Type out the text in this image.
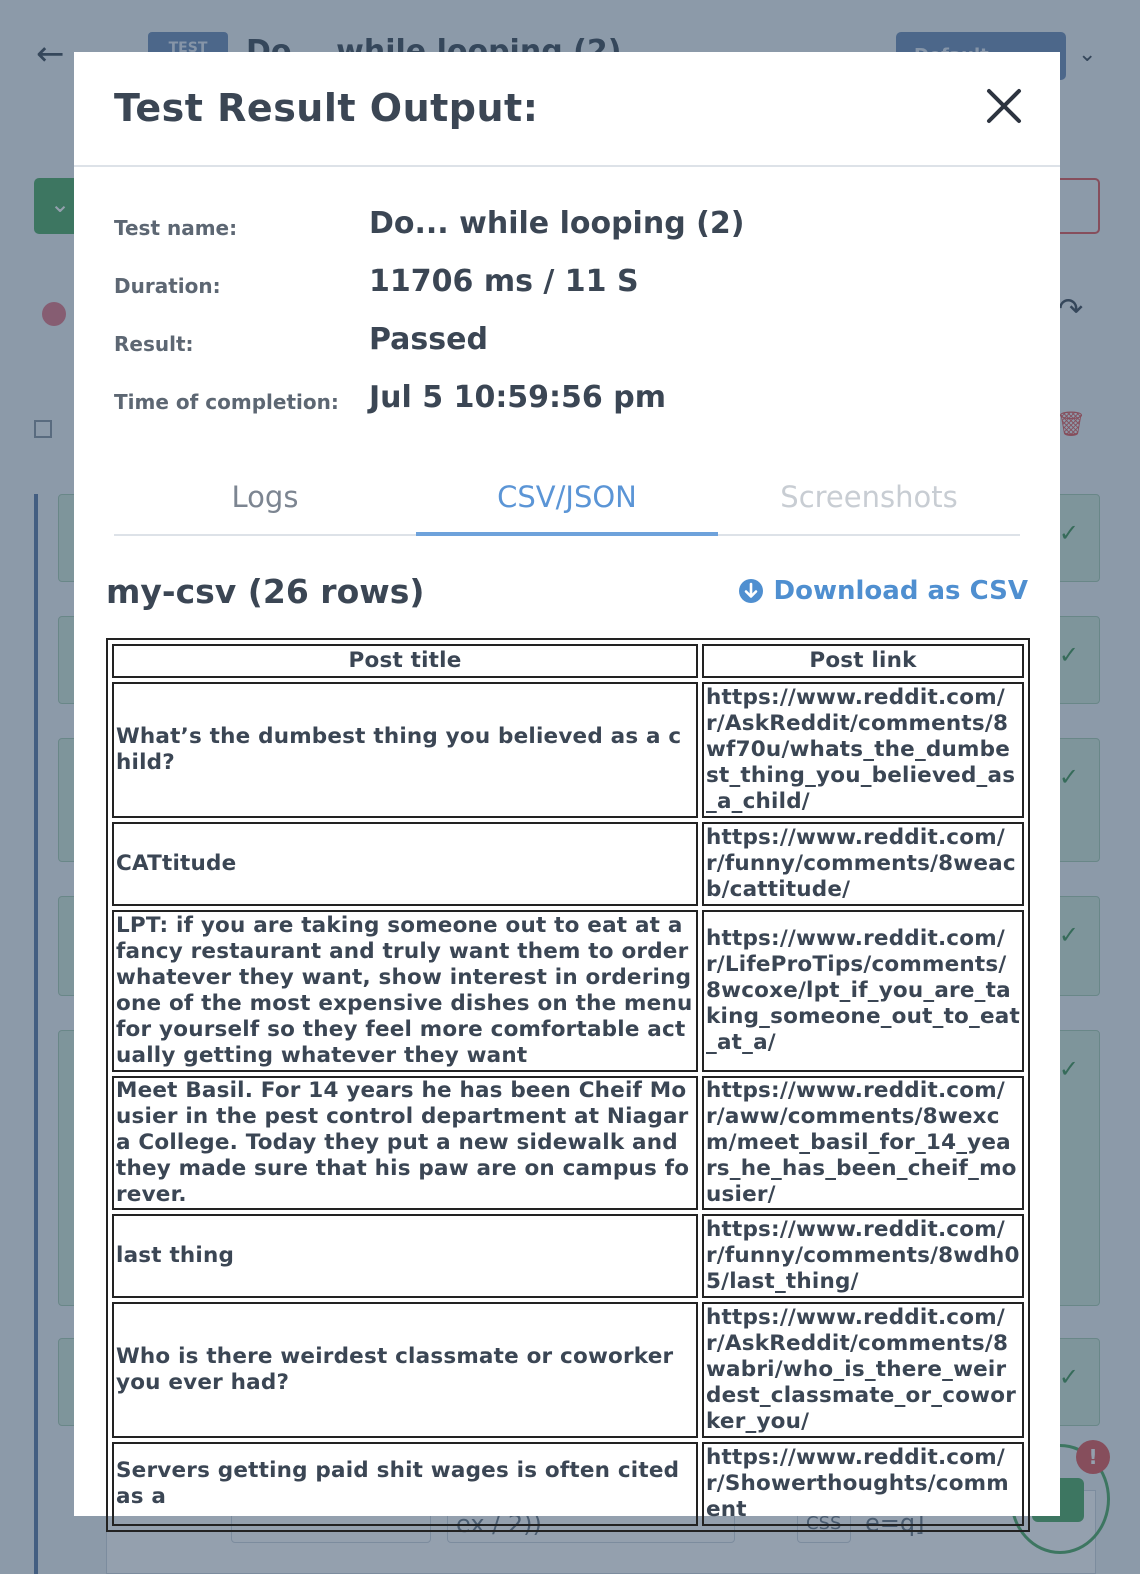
Test Result Output:
Test name:	Do... while looping (2)
Duration:	11706 ms / 11 S
Result:	Passed
Time of completion: Jul 5 10:59:56 pm
Logs	CSV/JSON	Screenshots
my-csv (26 rows)	Download as CSV
Post title	Post link
What’s the dumbest thing you believed as a child?	https://www.reddit.com/r/AskReddit/comments/8wf70u/whats_the_dumbest_thing_you_believed_as_a_child/
CATtitude	https://www.reddit.com/r/funny/comments/8weacb/cattitude/
LPT: if you are taking someone out to eat at a fancy restaurant and truly want them to order whatever they want, show interest in ordering one of the most expensive dishes on the menu for yourself so they feel more comfortable actually getting whatever they want	https://www.reddit.com/r/LifeProTips/comments/8wcoxe/lpt_if_you_are_taking_someone_out_to_eat_at_a/
Meet Basil. For 14 years he has been Cheif Mousier in the pest control department at Niagara College. Today they put a new sidewalk and they made sure that his paw are on campus forever.	https://www.reddit.com/r/aww/comments/8wexcm/meet_basil_for_14_years_he_has_been_cheif_mousier/
last thing	https://www.reddit.com/r/funny/comments/8wdh05/last_thing/
Who is there weirdest classmate or coworker you ever had?	https://www.reddit.com/r/AskReddit/comments/8wabri/who_is_there_weirdest_classmate_or_coworker_you/
Servers getting paid shit wages is often cited as a	https://www.reddit.com/r/Showerthoughts/comment
